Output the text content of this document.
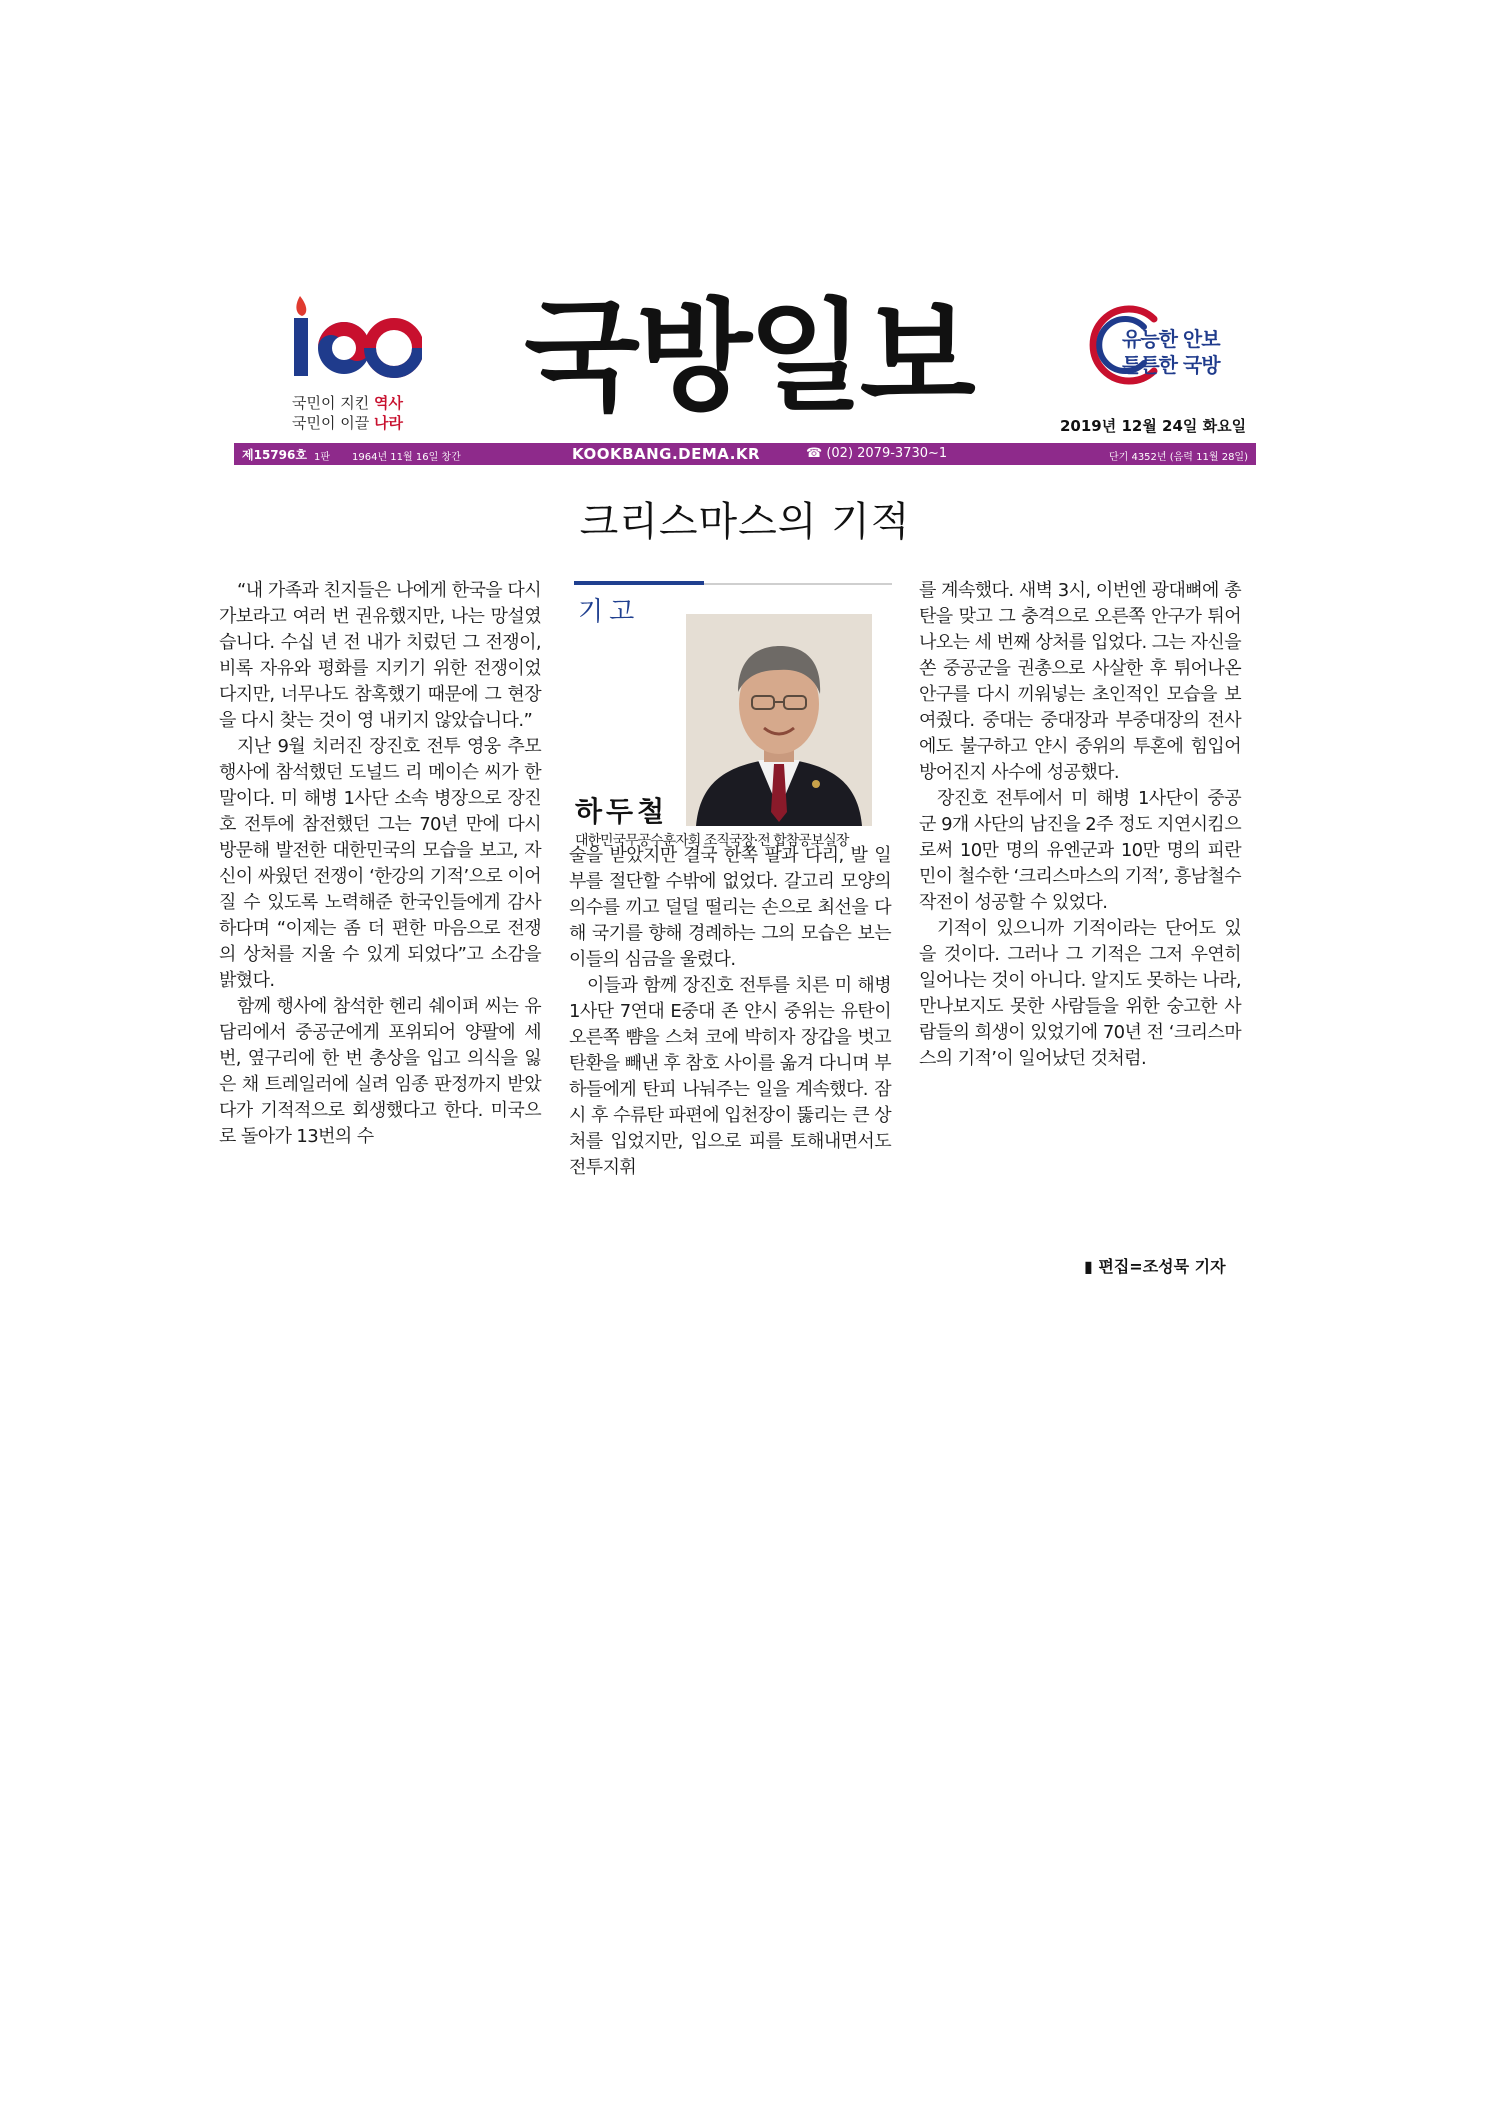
국민이 지킨 역사
국민이 이끌 나라 국방일보	유능한 안보
튼튼한 국방
2019년 12월 24일 화요일
제15796호 1판 1964년 11월 16일 창간	KOOKBANG.DEMA.KR	☎ (02) 2079-3730~1	단기 4352년 (음력 11월 28일)
크리스마스의 기적

“내 가족과 친지들은 나에게 한국을 다시 가보라고 여러 번 권유했지만, 나는 망설였습니다. 수십 년 전 내가 치렀던 그 전쟁이, 비록 자유와 평화를 지키기 위한 전쟁이었다지만, 너무나도 참혹했기 때문에 그 현장을 다시 찾는 것이 영 내키지 않았습니다.”

지난 9월 치러진 장진호 전투 영웅 추모행사에 참석했던 도널드 리 메이슨 씨가 한 말이다. 미 해병 1사단 소속 병장으로 장진호 전투에 참전했던 그는 70년 만에 다시 방문해 발전한 대한민국의 모습을 보고, 자신이 싸웠던 전쟁이 ‘한강의 기적’으로 이어질 수 있도록 노력해준 한국인들에게 감사하다며 “이제는 좀 더 편한 마음으로 전쟁의 상처를 지울 수 있게 되었다”고 소감을 밝혔다.

함께 행사에 참석한 헨리 쉐이퍼 씨는 유담리에서 중공군에게 포위되어 양팔에 세 번, 옆구리에 한 번 총상을 입고 의식을 잃은 채 트레일러에 실려 임종 판정까지 받았다가 기적적으로 회생했다고 한다. 미국으로 돌아가 13번의 수

기고
하두철
대한민국무공수훈자회 조직국장·전 합참공보실장

술을 받았지만 결국 한쪽 팔과 다리, 발 일부를 절단할 수밖에 없었다. 갈고리 모양의 의수를 끼고 덜덜 떨리는 손으로 최선을 다해 국기를 향해 경례하는 그의 모습은 보는 이들의 심금을 울렸다.

이들과 함께 장진호 전투를 치른 미 해병 1사단 7연대 E중대 존 얀시 중위는 유탄이 오른쪽 뺨을 스쳐 코에 박히자 장갑을 벗고 탄환을 빼낸 후 참호 사이를 옮겨 다니며 부하들에게 탄피 나눠주는 일을 계속했다. 잠시 후 수류탄 파편에 입천장이 뚫리는 큰 상처를 입었지만, 입으로 피를 토해내면서도 전투지휘

를 계속했다. 새벽 3시, 이번엔 광대뼈에 총탄을 맞고 그 충격으로 오른쪽 안구가 튀어나오는 세 번째 상처를 입었다. 그는 자신을 쏜 중공군을 권총으로 사살한 후 튀어나온 안구를 다시 끼워넣는 초인적인 모습을 보여줬다. 중대는 중대장과 부중대장의 전사에도 불구하고 얀시 중위의 투혼에 힘입어 방어진지 사수에 성공했다.

장진호 전투에서 미 해병 1사단이 중공군 9개 사단의 남진을 2주 정도 지연시킴으로써 10만 명의 유엔군과 10만 명의 피란민이 철수한 ‘크리스마스의 기적’, 흥남철수 작전이 성공할 수 있었다.

기적이 있으니까 기적이라는 단어도 있을 것이다. 그러나 그 기적은 그저 우연히 일어나는 것이 아니다. 알지도 못하는 나라, 만나보지도 못한 사람들을 위한 숭고한 사람들의 희생이 있었기에 70년 전 ‘크리스마스의 기적’이 일어났던 것처럼.

▮ 편집=조성묵 기자
